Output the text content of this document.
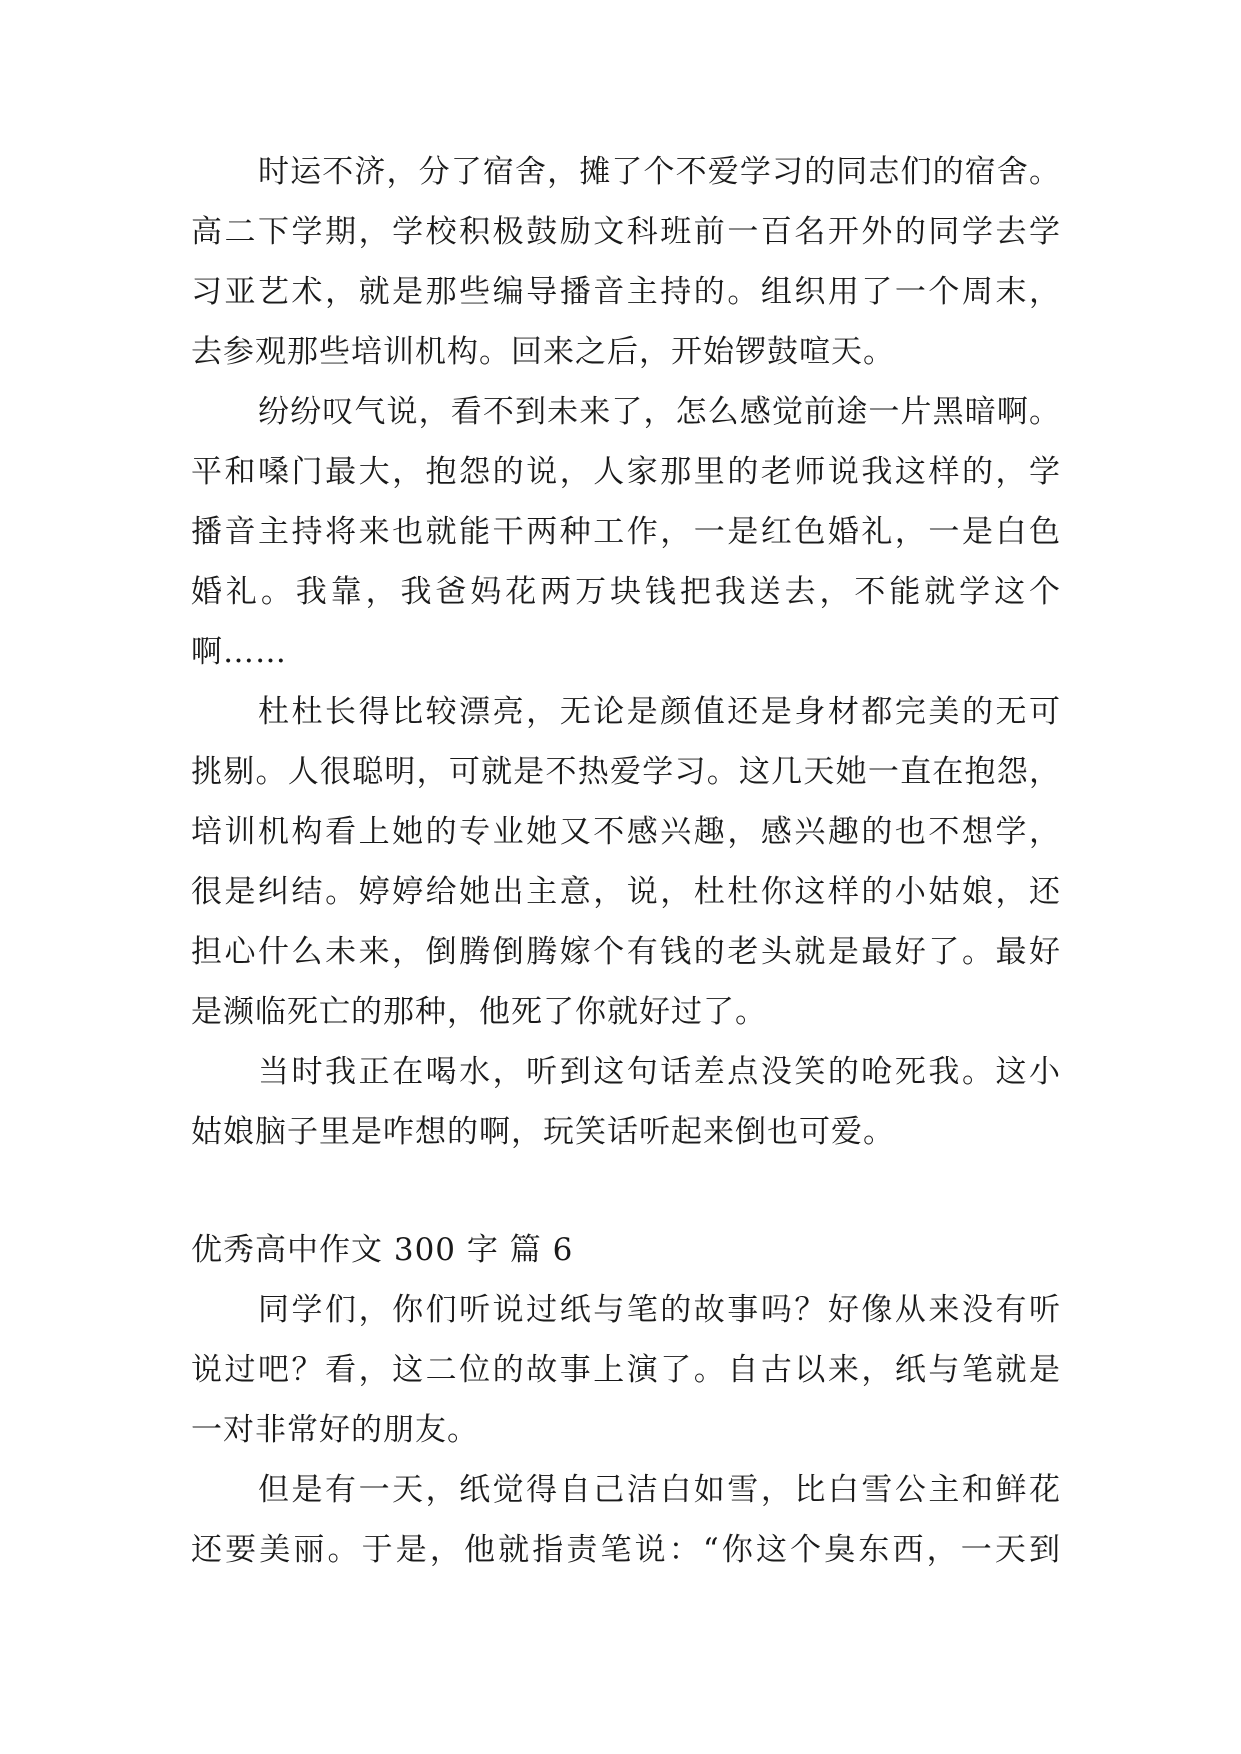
时运不济，分了宿舍，摊了个不爱学习的同志们的宿舍。
高二下学期，学校积极鼓励文科班前一百名开外的同学去学
习亚艺术，就是那些编导播音主持的。组织用了一个周末，
去参观那些培训机构。回来之后，开始锣鼓喧天。
纷纷叹气说，看不到未来了，怎么感觉前途一片黑暗啊。
平和嗓门最大，抱怨的说，人家那里的老师说我这样的，学
播音主持将来也就能干两种工作，一是红色婚礼，一是白色
婚礼。我靠，我爸妈花两万块钱把我送去，不能就学这个
啊……
杜杜长得比较漂亮，无论是颜值还是身材都完美的无可
挑剔。人很聪明，可就是不热爱学习。这几天她一直在抱怨，
培训机构看上她的专业她又不感兴趣，感兴趣的也不想学，
很是纠结。婷婷给她出主意，说，杜杜你这样的小姑娘，还
担心什么未来，倒腾倒腾嫁个有钱的老头就是最好了。最好
是濒临死亡的那种，他死了你就好过了。
当时我正在喝水，听到这句话差点没笑的呛死我。这小
姑娘脑子里是咋想的啊，玩笑话听起来倒也可爱。
优秀高中作文 300 字 篇 6
同学们，你们听说过纸与笔的故事吗？好像从来没有听
说过吧？看，这二位的故事上演了。自古以来，纸与笔就是
一对非常好的朋友。
但是有一天，纸觉得自己洁白如雪，比白雪公主和鲜花
还要美丽。于是，他就指责笔说：“你这个臭东西，一天到
